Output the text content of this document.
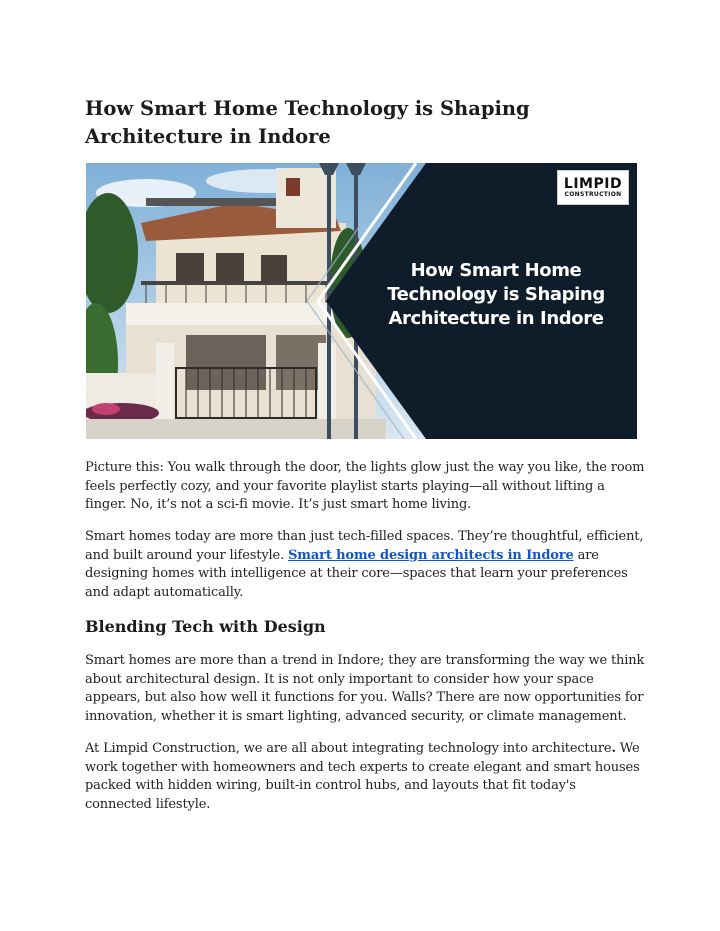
How Smart Home Technology is Shaping Architecture in Indore
LIMPID
CONSTRUCTION
How Smart Home Technology is Shaping Architecture in Indore

Picture this: You walk through the door, the lights glow just the way you like, the room feels perfectly cozy, and your favorite playlist starts playing—all without lifting a finger. No, it’s not a sci-fi movie. It’s just smart home living.

Smart homes today are more than just tech-filled spaces. They’re thoughtful, efficient, and built around your lifestyle. Smart home design architects in Indore are designing homes with intelligence at their core—spaces that learn your preferences and adapt automatically.

Blending Tech with Design

Smart homes are more than a trend in Indore; they are transforming the way we think about architectural design. It is not only important to consider how your space appears, but also how well it functions for you. Walls? There are now opportunities for innovation, whether it is smart lighting, advanced security, or climate management.

At Limpid Construction, we are all about integrating technology into architecture. We work together with homeowners and tech experts to create elegant and smart houses packed with hidden wiring, built-in control hubs, and layouts that fit today's connected lifestyle.
